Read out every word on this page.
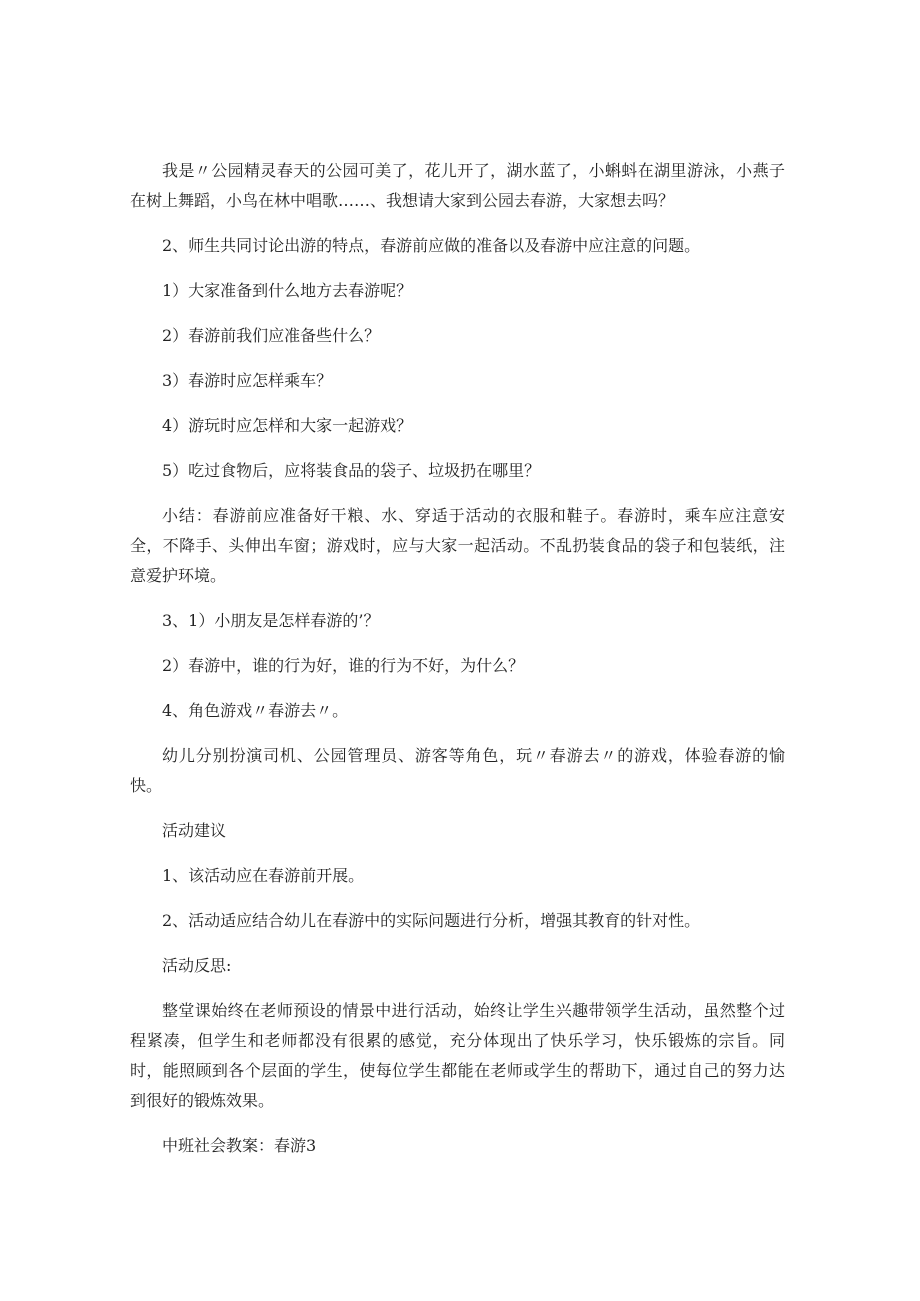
我是〃公园精灵春天的公园可美了，花儿开了，湖水蓝了，小蝌蚪在湖里游泳，小燕子在树上舞蹈，小鸟在林中唱歌……、我想请大家到公园去春游，大家想去吗？

2、师生共同讨论出游的特点，春游前应做的准备以及春游中应注意的问题。

1）大家准备到什么地方去春游呢？

2）春游前我们应准备些什么？

3）春游时应怎样乘车？

4）游玩时应怎样和大家一起游戏？

5）吃过食物后，应将装食品的袋子、垃圾扔在哪里？

小结：春游前应准备好干粮、水、穿适于活动的衣服和鞋子。春游时，乘车应注意安全，不降手、头伸出车窗；游戏时，应与大家一起活动。不乱扔装食品的袋子和包装纸，注意爱护环境。

3、1）小朋友是怎样春游的’？

2）春游中，谁的行为好，谁的行为不好，为什么？

4、角色游戏〃春游去〃。

幼儿分别扮演司机、公园管理员、游客等角色，玩〃春游去〃的游戏，体验春游的愉快。

活动建议

1、该活动应在春游前开展。

2、活动适应结合幼儿在春游中的实际问题进行分析，增强其教育的针对性。

活动反思:

整堂课始终在老师预设的情景中进行活动，始终让学生兴趣带领学生活动，虽然整个过程紧凑，但学生和老师都没有很累的感觉，充分体现出了快乐学习，快乐锻炼的宗旨。同时，能照顾到各个层面的学生，使每位学生都能在老师或学生的帮助下，通过自己的努力达到很好的锻炼效果。

中班社会教案：春游3
